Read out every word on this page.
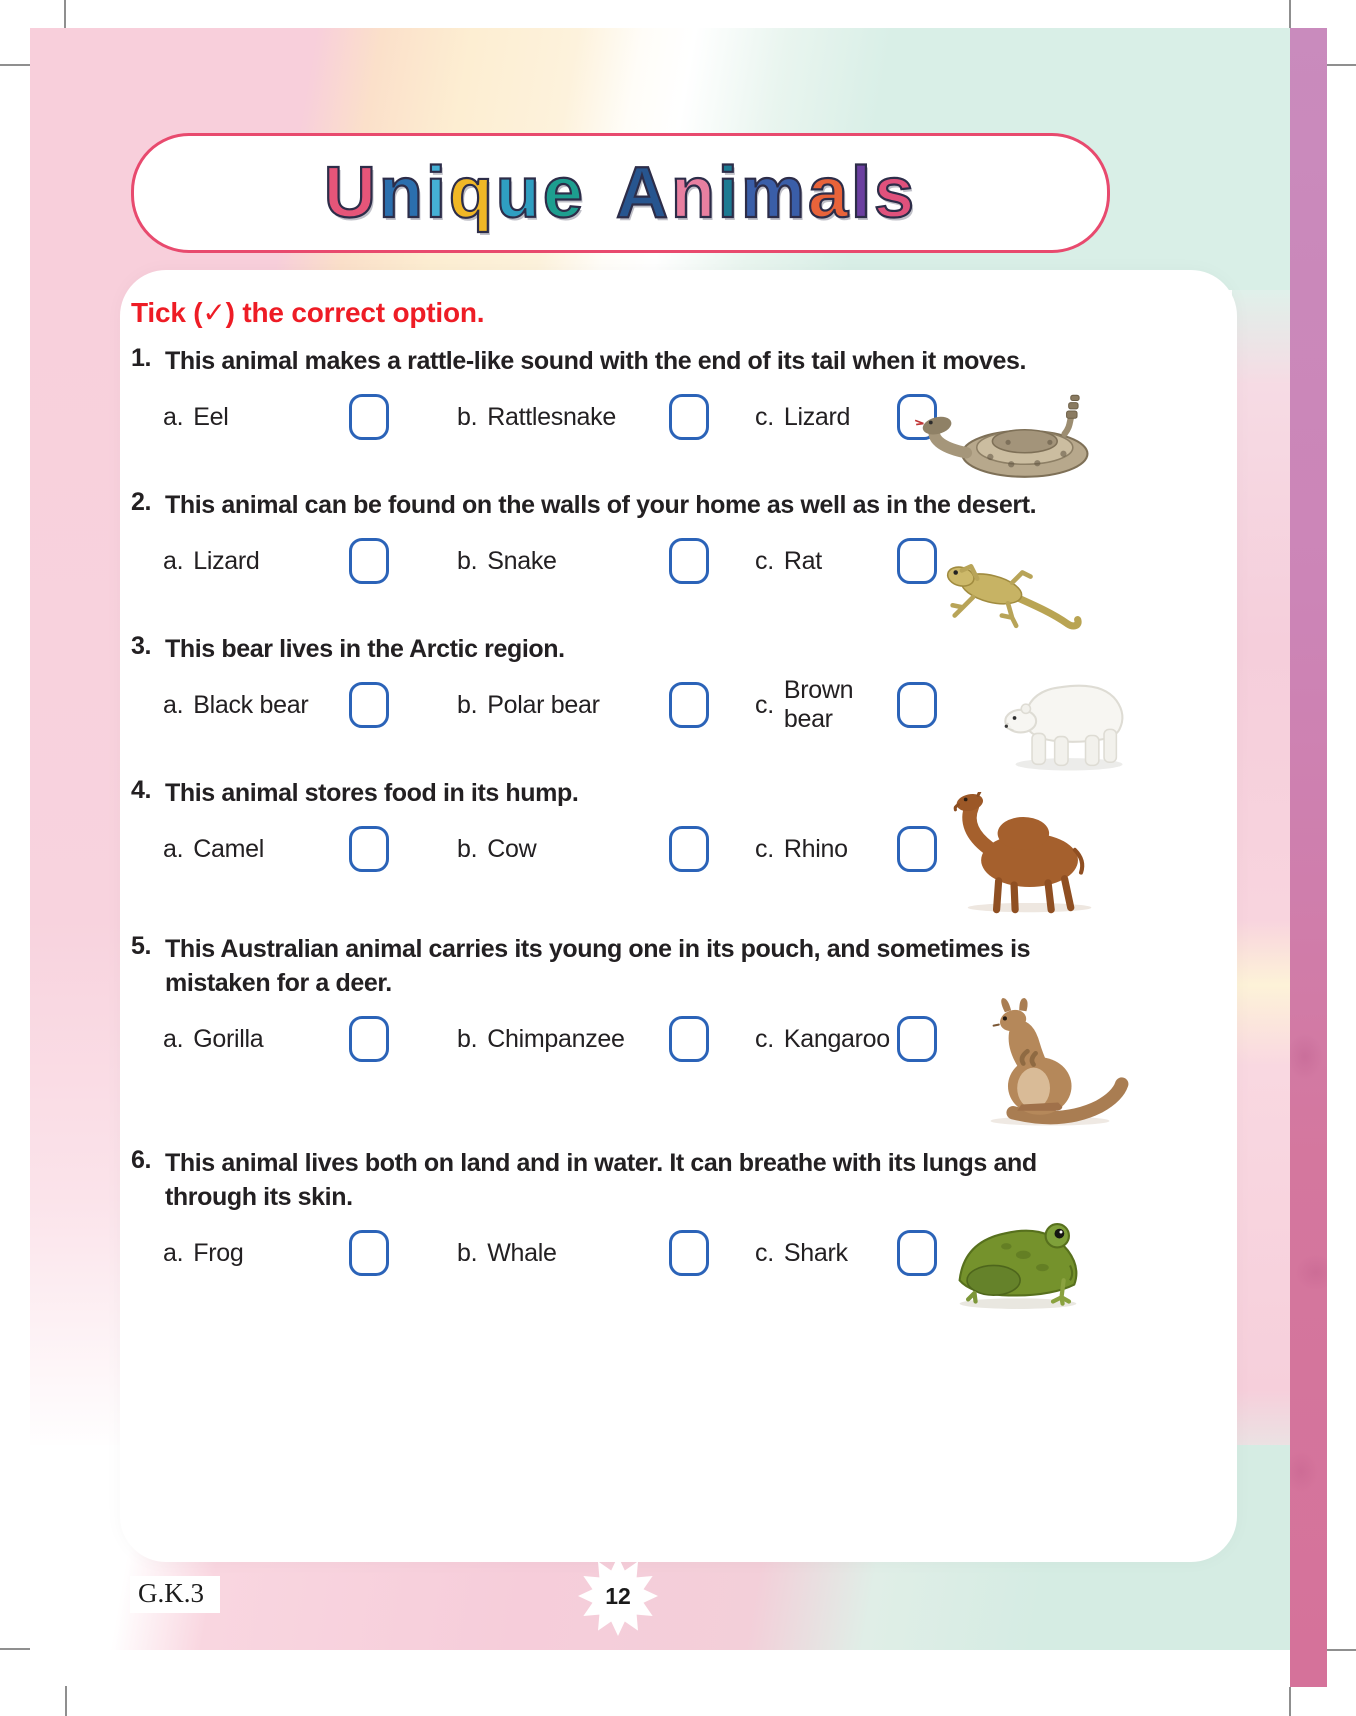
Unique Animals
Tick (✓) the correct option.
1. This animal makes a rattle-like sound with the end of its tail when it moves.
a. Eel	b. Rattlesnake	c. Lizard
2. This animal can be found on the walls of your home as well as in the desert.
a. Lizard	b. Snake	c. Rat
3. This bear lives in the Arctic region.
a. Black bear	b. Polar bear	c.
Brown bear
4. This animal stores food in its hump.
a. Camel	b. Cow	c. Rhino
5. This Australian animal carries its young one in its pouch, and sometimes is mistaken for a deer.
a. Gorilla	b. Chimpanzee	c. Kangaroo
6. This animal lives both on land and in water. It can breathe with its lungs and through its skin.
a. Frog	b. Whale	c. Shark
G.K.3	12
